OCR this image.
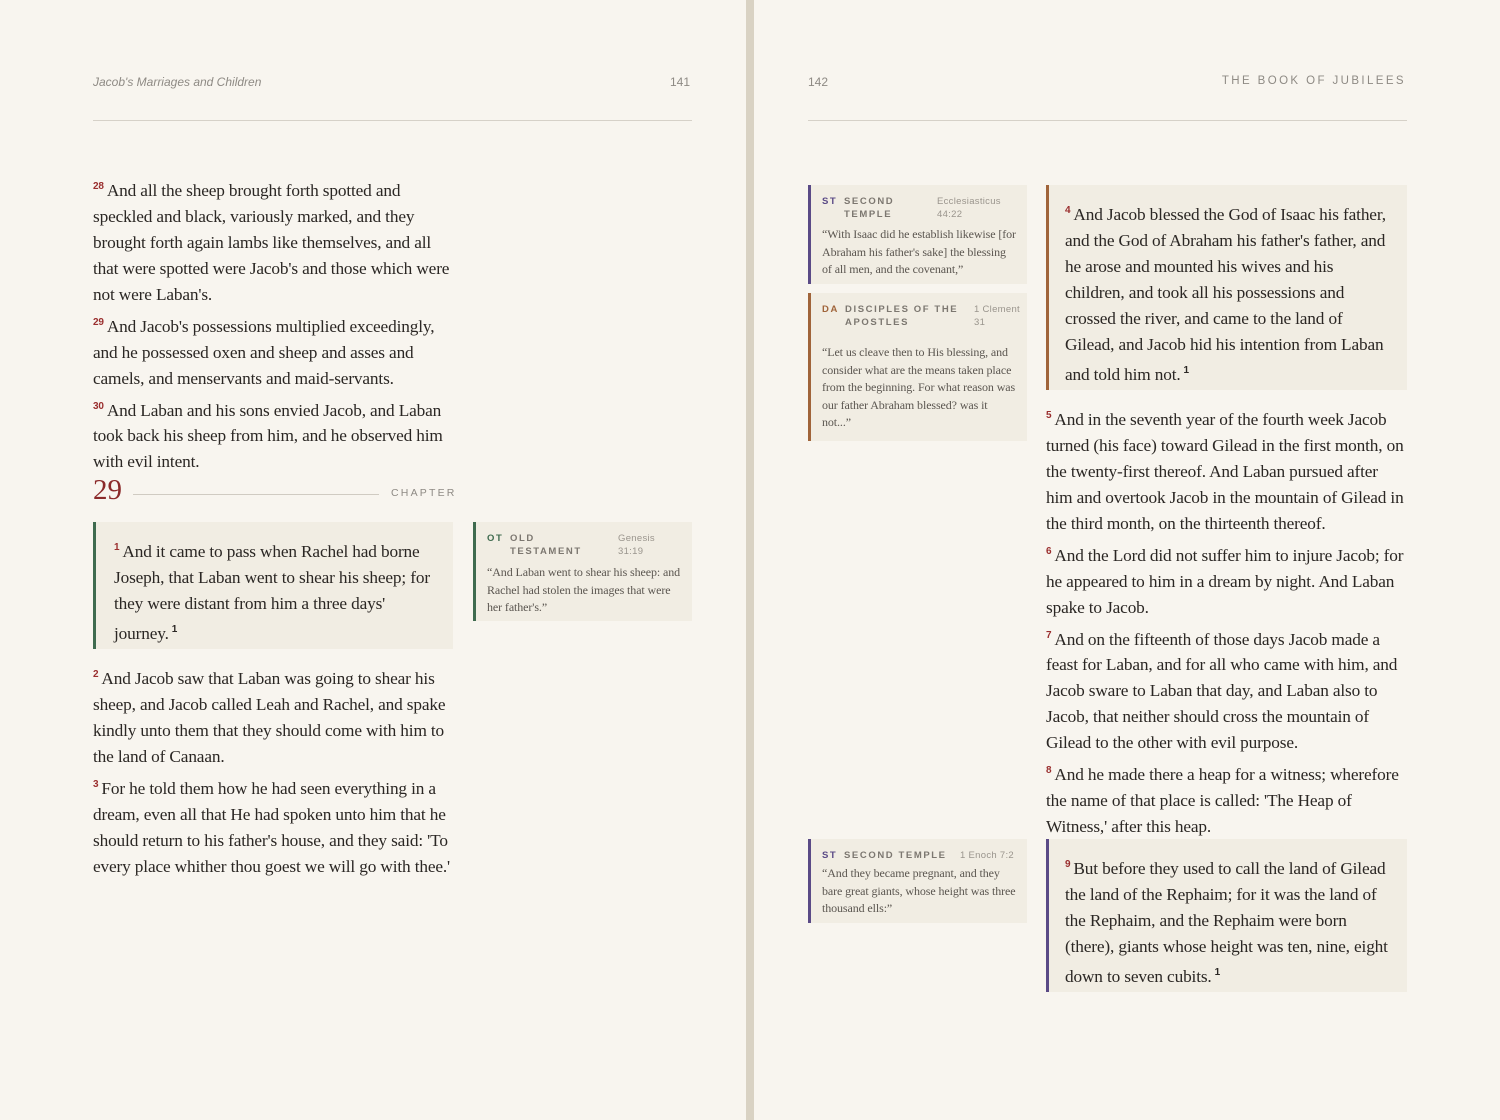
Jacob's Marriages and Children	141

$^{28}$ And all the sheep brought forth spotted and speckled and black, variously marked, and they brought forth again lambs like themselves, and all that were spotted were Jacob's and those which were not were Laban's.

$^{29}$ And Jacob's possessions multiplied exceedingly, and he possessed oxen and sheep and asses and camels, and menservants and maid-servants.

$^{30}$ And Laban and his sons envied Jacob, and Laban took back his sheep from him, and he observed him with evil intent.

29	CHAPTER
$^1$ And it came to pass when Rachel had borne Joseph, that Laban went to shear his sheep; for they were distant from him a three days' journey. $^1$
OT OLD TESTAMENT
Genesis 31:19
“And Laban went to shear his sheep: and Rachel had stolen the images that were her father's.”

$^2$ And Jacob saw that Laban was going to shear his sheep, and Jacob called Leah and Rachel, and spake kindly unto them that they should come with him to the land of Canaan.

$^3$ For he told them how he had seen everything in a dream, even all that He had spoken unto him that he should return to his father's house, and they said: 'To every place whither thou goest we will go with thee.'

142	THE BOOK OF JUBILEES
ST SECOND TEMPLE
Ecclesiasticus 44:22
“With Isaac did he establish likewise [for Abraham his father's sake] the blessing of all men, and the covenant,”
DA DISCIPLES OF THE APOSTLES
1 Clement 31
“Let us cleave then to His blessing, and consider what are the means taken place from the beginning. For what reason was our father Abraham blessed? was it not...”
$^4$ And Jacob blessed the God of Isaac his father, and the God of Abraham his father's father, and he arose and mounted his wives and his children, and took all his possessions and crossed the river, and came to the land of Gilead, and Jacob hid his intention from Laban and told him not. $^1$

$^5$ And in the seventh year of the fourth week Jacob turned (his face) toward Gilead in the first month, on the twenty-first thereof. And Laban pursued after him and overtook Jacob in the mountain of Gilead in the third month, on the thirteenth thereof.

$^6$ And the Lord did not suffer him to injure Jacob; for he appeared to him in a dream by night. And Laban spake to Jacob.

$^7$ And on the fifteenth of those days Jacob made a feast for Laban, and for all who came with him, and Jacob sware to Laban that day, and Laban also to Jacob, that neither should cross the mountain of Gilead to the other with evil purpose.

$^8$ And he made there a heap for a witness; wherefore the name of that place is called: 'The Heap of Witness,' after this heap.

ST SECOND TEMPLE 1 Enoch 7:2
“And they became pregnant, and they bare great giants, whose height was three thousand ells:”
$^9$ But before they used to call the land of Gilead the land of the Rephaim; for it was the land of the Rephaim, and the Rephaim were born (there), giants whose height was ten, nine, eight down to seven cubits. $^1$
